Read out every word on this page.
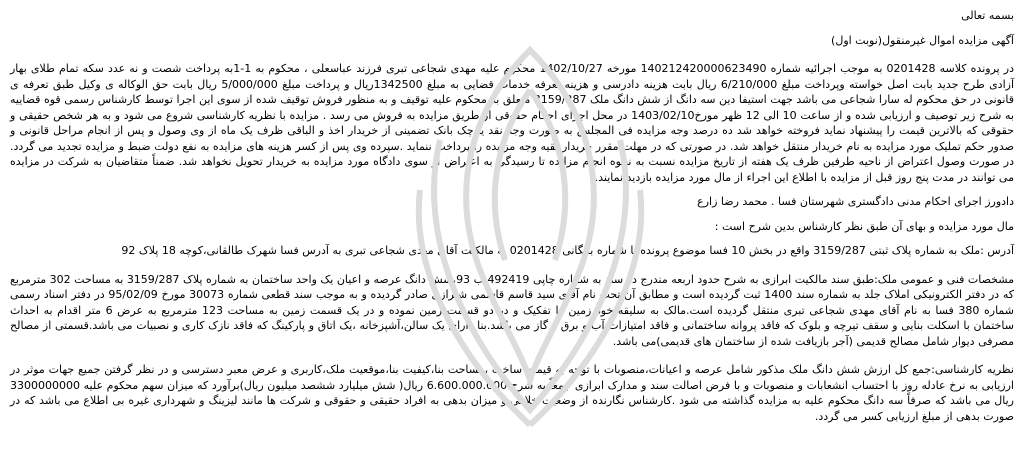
بسمه تعالی
آگهی مزایده اموال غیرمنقول(نوبت اول)
در پرونده کلاسه 0201428 به موجب اجرائیه شماره 140212420000623490 مورخه 1402/10/27 محکوم علیه مهدی شجاعی تبری فرزند عباسعلی ، محکوم به 1-1به پرداخت شصت و نه عدد سکه تمام طلای بهار آزادی طرح جدید بابت اصل خواسته وپرداخت مبلغ 6/210/000 ریال بابت هزینه دادرسی و هزینه تعرفه خدمات قضایی به مبلغ 1342500ریال و پرداخت مبلغ 5/000/000 ریال بابت حق الوکاله ی وکیل طبق تعرفه ی قانونی در حق محکوم له سارا شجاعی می باشد جهت استیفا دین سه دانگ از شش دانگ ملک 3159/287 متعلق به محکوم علیه توقیف و به منظور فروش توقیف شده از سوی این اجرا توسط کارشناس رسمی قوه قضاییه به شرح زیر توصیف و ارزیابی شده و از ساعت 10 الی 12 ظهر مورخ1403/02/10 در محل اجرای احکام حقوقی از طریق مزایده به فروش می رسد . مزایده با نظریه کارشناسی شروع می شود و به هر شخص حقیقی و حقوقی که بالاترین قیمت را پیشنهاد نماید فروخته خواهد شد ده درصد وجه مزایده فی المجلس به صورت وجه نقد یا چک بانک تضمینی از خریدار اخذ و الباقی ظرف یک ماه از وی وصول و پس از انجام مراحل قانونی و صدور حکم تملیک مورد مزایده به نام خریدار منتقل خواهد شد. در صورتی که در مهلت مقرر خریدار بقیه وجه مزایده را پرداخت ننماید .سپرده وی پس از کسر هزینه های مزایده به نفع دولت ضبط و مزایده تجدید می گردد. در صورت وصول اعتراض از ناحیه طرفین ظرف یک هفته از تاریخ مزایده نسبت به نحوه انجام مزایده تا رسیدگی به اعتراض از سوی دادگاه مورد مزایده به خریدار تحویل نخواهد شد. ضمناً متقاضیان به شرکت در مزایده می توانند در مدت پنج روز قبل از مزایده با اطلاع این اجراء از مال مورد مزایده بازدید نمایند.
دادورز اجرای احکام مدنی دادگستری شهرستان فسا . محمد رضا زارع
مال مورد مزایده و بهای آن طبق نظر کارشناس بدین شرح است :
آدرس :ملک به شماره پلاک ثبتی 3159/287 واقع در بخش 10 فسا موضوع پرونده با شماره بایگانی 0201428 به مالکیت آقای مهدی شجاعی تبری به آدرس فسا شهرک طالقانی،کوچه 18 پلاک 92
مشخصات فنی و عمومی ملک:طبق سند مالکیت ابرازی به شرح حدود اربعه مندرج در سند به شماره چاپی 492419 ب 93،شش دانگ عرصه و اعیان یک واحد ساختمان به شماره پلاک 3159/287 به مساحت 302 مترمربع که در دفتر الکترونیکی املاک جلد به شماره سند 1400 ثبت گردیده است و مطابق آن تحت نام آقای سید قاسم قاسمی شیرازی صادر گردیده و به موجب سند قطعی شماره 30073 مورخ 95/02/09 در دفتر اسناد رسمی شماره 380 فسا به نام آقای مهدی شجاعی تبری منتقل گردیده است.مالک به سلیقه خود زمین را تفکیک و در دو قسمت زمین نموده و در یک قسمت زمین به مساحت 123 مترمربع به عرض 6 متر اقدام به احداث ساختمان با اسکلت بنایی و سقف تیرچه و بلوک که فاقد پروانه ساختمانی و فاقد امتیازات آب و برق و گاز می باشد.بنا دارای یک سالن،آشپزخانه ،یک اتاق و پارکینگ که فاقد نازک کاری و نصبیات می باشد.قسمتی از مصالح مصرفی دیوار شامل مصالح قدیمی (آجر بازیافت شده از ساختمان های قدیمی)می باشد.
نظریه کارشناسی:جمع کل ارزش شش دانگ ملک مذکور شامل عرصه و اعیانات،منصوبات با توجه به قیمت ساخت ،مساحت بنا،کیفیت بنا،موقعیت ملک،کاربری و عرض معبر دسترسی و در نظر گرفتن جمیع جهات موثر در ارزیابی به نرخ عادله روز با احتساب انشعابات و منصوبات و با فرض اصالت سند و مدارک ابرازی جمعاً به شرح 6.600.000.000 ریال( شش میلیارد ششصد میلیون ریال)برآورد که میزان سهم محکوم علیه 3300000000 ریال می باشد که صرفاً سه دانگ محکوم علیه به مزایده گذاشته می شود .کارشناس نگارنده از وضعیت خلافی و میزان بدهی به افراد حقیقی و حقوقی و شرکت ها مانند لیزینگ و شهرداری غیره بی اطلاع می باشد که در صورت بدهی از مبلغ ارزیابی کسر می گردد.
